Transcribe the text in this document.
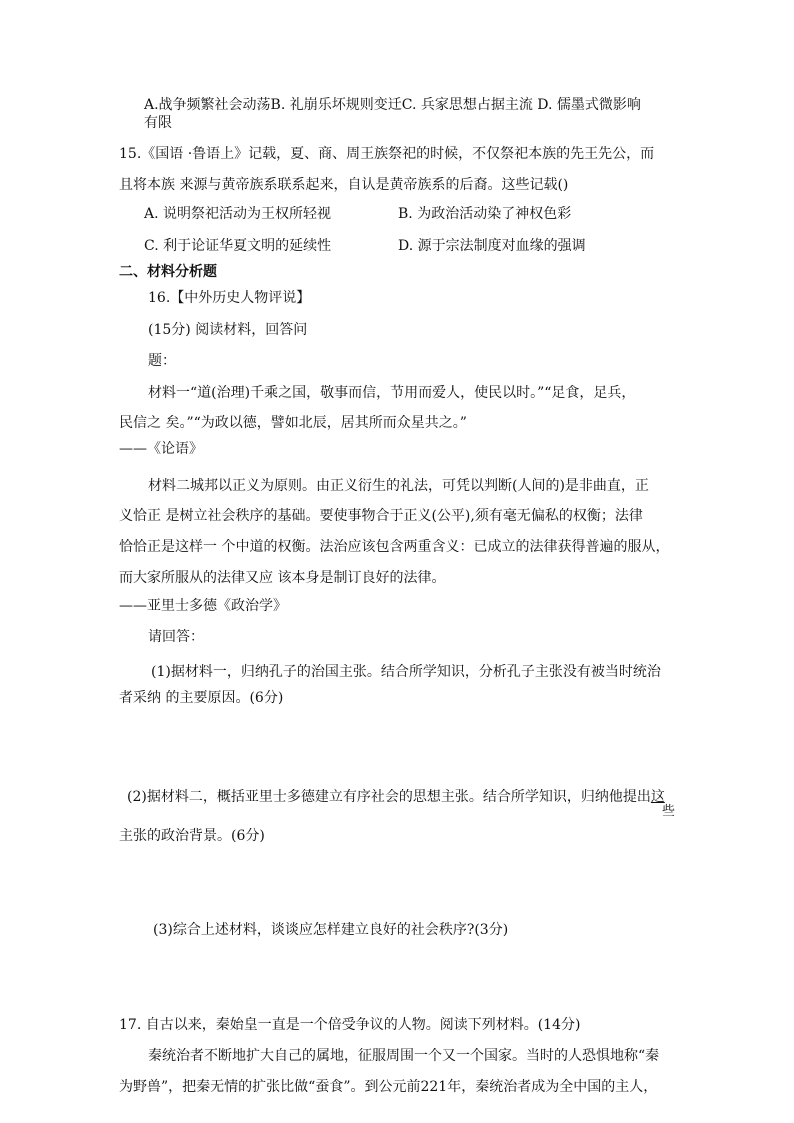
A.战争频繁社会动荡B. 礼崩乐坏规则变迁C. 兵家思想占据主流 D. 儒墨式微影响
有限
15.《国语 ·鲁语上》记载，夏、商、周王族祭祀的时候，不仅祭祀本族的先王先公，而
且将本族 来源与黄帝族系联系起来，自认是黄帝族系的后裔。这些记载()
A. 说明祭祀活动为王权所轻视	B. 为政治活动染了神权色彩
C. 利于论证华夏文明的延续性	D. 源于宗法制度对血缘的强调
二、材料分析题
16.【中外历史人物评说】
(15分) 阅读材料，回答问
题：
材料一“道(治理)千乘之国，敬事而信，节用而爱人，使民以时。”“足食，足兵，
民信之 矣。”“为政以德，譬如北辰，居其所而众星共之。”
——《论语》
材料二城邦以正义为原则。由正义衍生的礼法，可凭以判断(人间的)是非曲直，正
义恰正 是树立社会秩序的基础。要使事物合于正义(公平),须有毫无偏私的权衡；法律
恰恰正是这样一 个中道的权衡。法治应该包含两重含义：已成立的法律获得普遍的服从，
而大家所服从的法律又应 该本身是制订良好的法律。
——亚里士多德《政治学》
请回答：
(1)据材料一，归纳孔子的治国主张。结合所学知识，分析孔子主张没有被当时统治
者采纳 的主要原因。(6分)
(2)据材料二，概括亚里士多德建立有序社会的思想主张。结合所学知识，归纳他提出这
些
主张的政治背景。(6分)
(3)综合上述材料，谈谈应怎样建立良好的社会秩序?(3分)
17. 自古以来，秦始皇一直是一个倍受争议的人物。阅读下列材料。(14分)
秦统治者不断地扩大自己的属地，征服周围一个又一个国家。当时的人恐惧地称“秦
为野兽”，把秦无情的扩张比做“蚕食”。到公元前221年，秦统治者成为全中国的主人，
